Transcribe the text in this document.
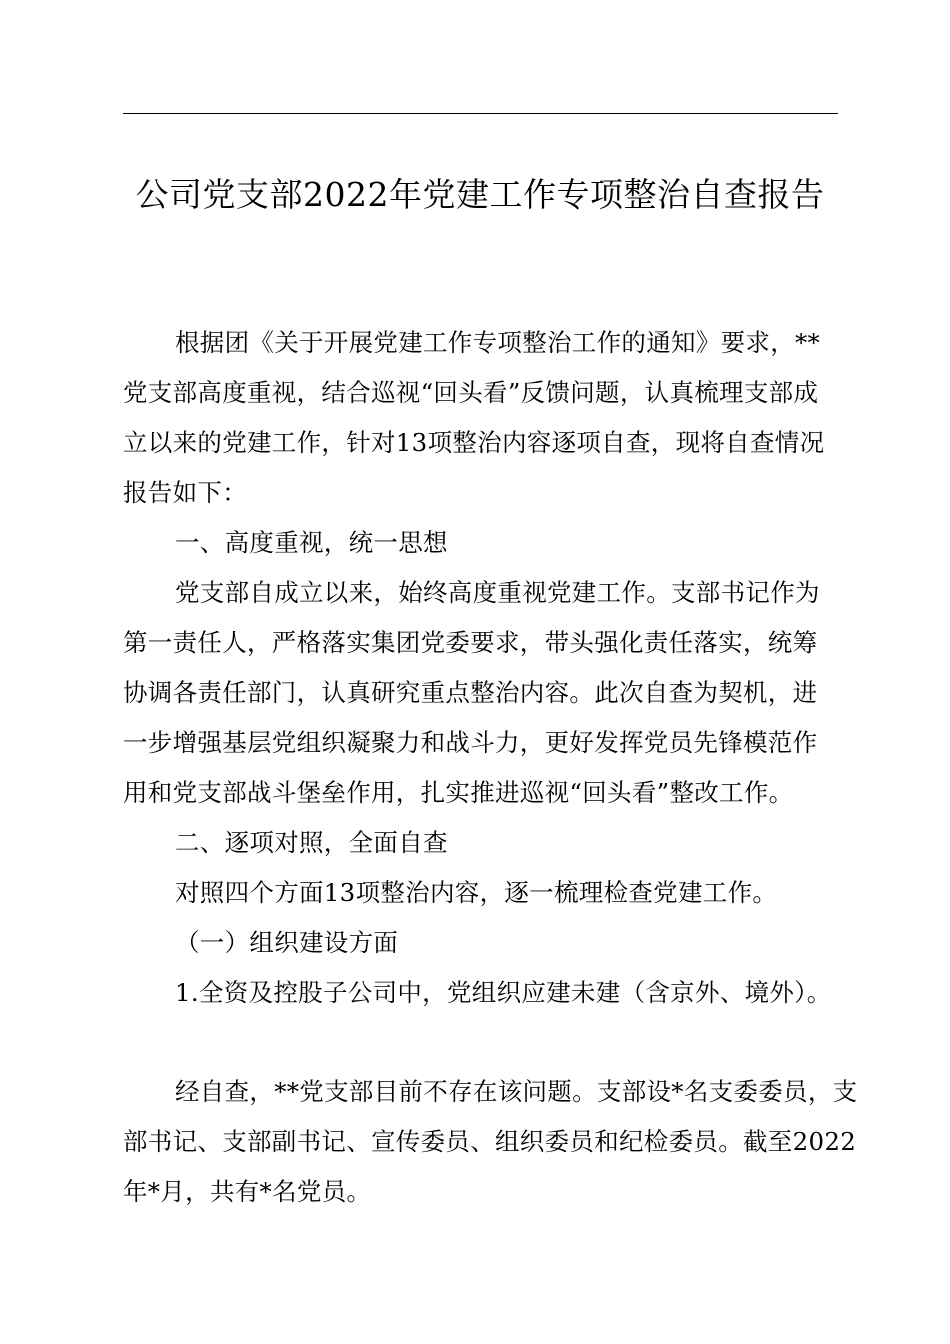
公司党支部2022年党建工作专项整治自查报告

根据团《关于开展党建工作专项整治工作的通知》要求，**党支部高度重视，结合巡视“回头看”反馈问题，认真梳理支部成立以来的党建工作，针对13项整治内容逐项自查，现将自查情况报告如下：

一、高度重视，统一思想

党支部自成立以来，始终高度重视党建工作。支部书记作为第一责任人，严格落实集团党委要求，带头强化责任落实，统筹协调各责任部门，认真研究重点整治内容。此次自查为契机，进一步增强基层党组织凝聚力和战斗力，更好发挥党员先锋模范作用和党支部战斗堡垒作用，扎实推进巡视“回头看”整改工作。

二、逐项对照，全面自查

对照四个方面13项整治内容，逐一梳理检查党建工作。

（一）组织建设方面

1.全资及控股子公司中，党组织应建未建（含京外、境外）。

经自查，**党支部目前不存在该问题。支部设*名支委委员，支部书记、支部副书记、宣传委员、组织委员和纪检委员。截至2022年*月，共有*名党员。
